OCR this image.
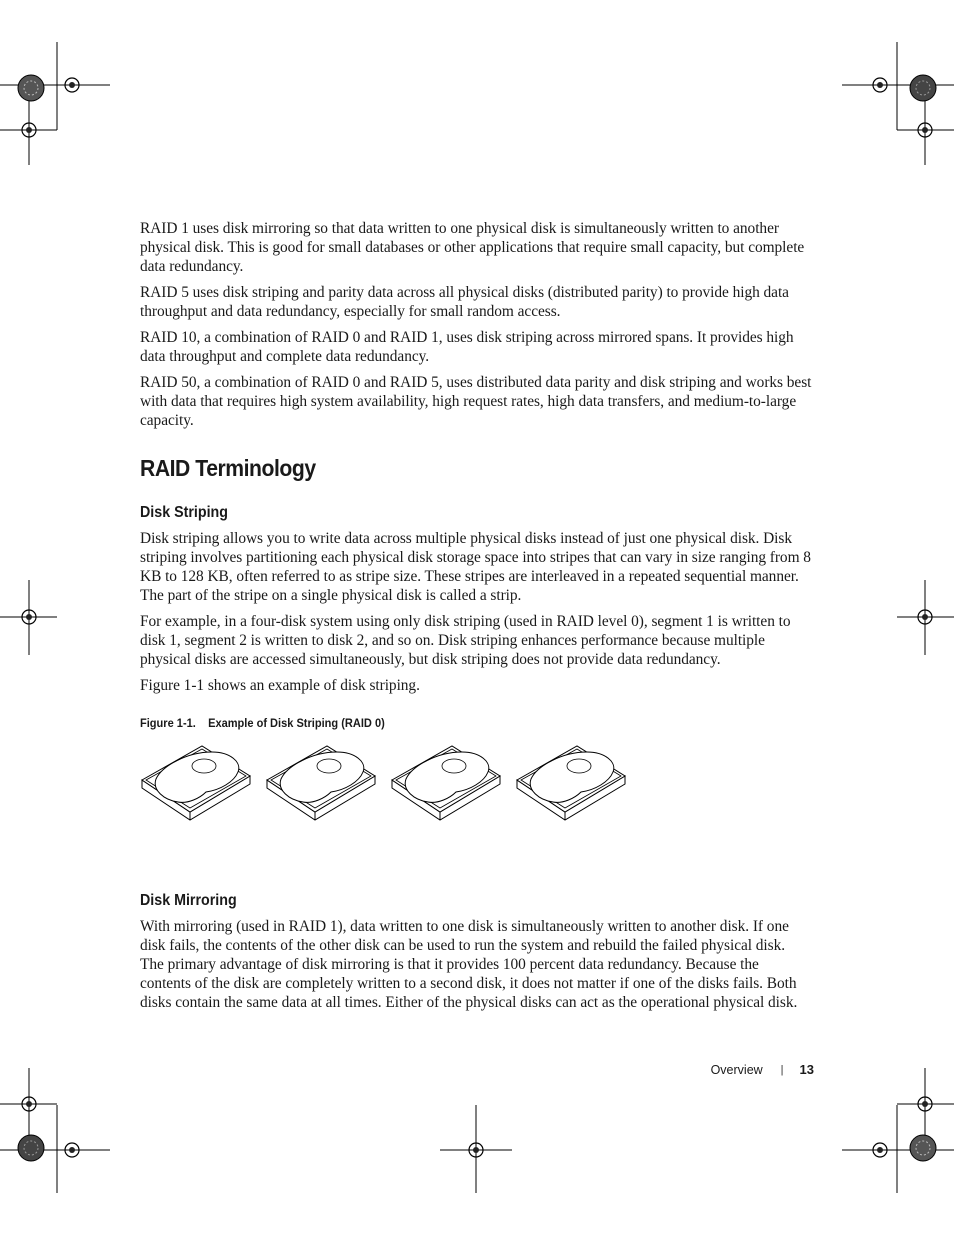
RAID 1 uses disk mirroring so that data written to one physical disk is simultaneously written to another physical disk. This is good for small databases or other applications that require small capacity, but complete data redundancy.

RAID 5 uses disk striping and parity data across all physical disks (distributed parity) to provide high data throughput and data redundancy, especially for small random access.

RAID 10, a combination of RAID 0 and RAID 1, uses disk striping across mirrored spans. It provides high data throughput and complete data redundancy.

RAID 50, a combination of RAID 0 and RAID 5, uses distributed data parity and disk striping and works best with data that requires high system availability, high request rates, high data transfers, and medium-to-large capacity.

RAID Terminology
Disk Striping

Disk striping allows you to write data across multiple physical disks instead of just one physical disk. Disk striping involves partitioning each physical disk storage space into stripes that can vary in size ranging from 8 KB to 128 KB, often referred to as stripe size. These stripes are interleaved in a repeated sequential manner. The part of the stripe on a single physical disk is called a strip.

For example, in a four-disk system using only disk striping (used in RAID level 0), segment 1 is written to disk 1, segment 2 is written to disk 2, and so on. Disk striping enhances performance because multiple physical disks are accessed simultaneously, but disk striping does not provide data redundancy.

Figure 1-1 shows an example of disk striping.

Figure 1-1.    Example of Disk Striping (RAID 0)
Disk Mirroring

With mirroring (used in RAID 1), data written to one disk is simultaneously written to another disk. If one disk fails, the contents of the other disk can be used to run the system and rebuild the failed physical disk. The primary advantage of disk mirroring is that it provides 100 percent data redundancy. Because the contents of the disk are completely written to a second disk, it does not matter if one of the disks fails. Both disks contain the same data at all times. Either of the physical disks can act as the operational physical disk.

Overview | 13
